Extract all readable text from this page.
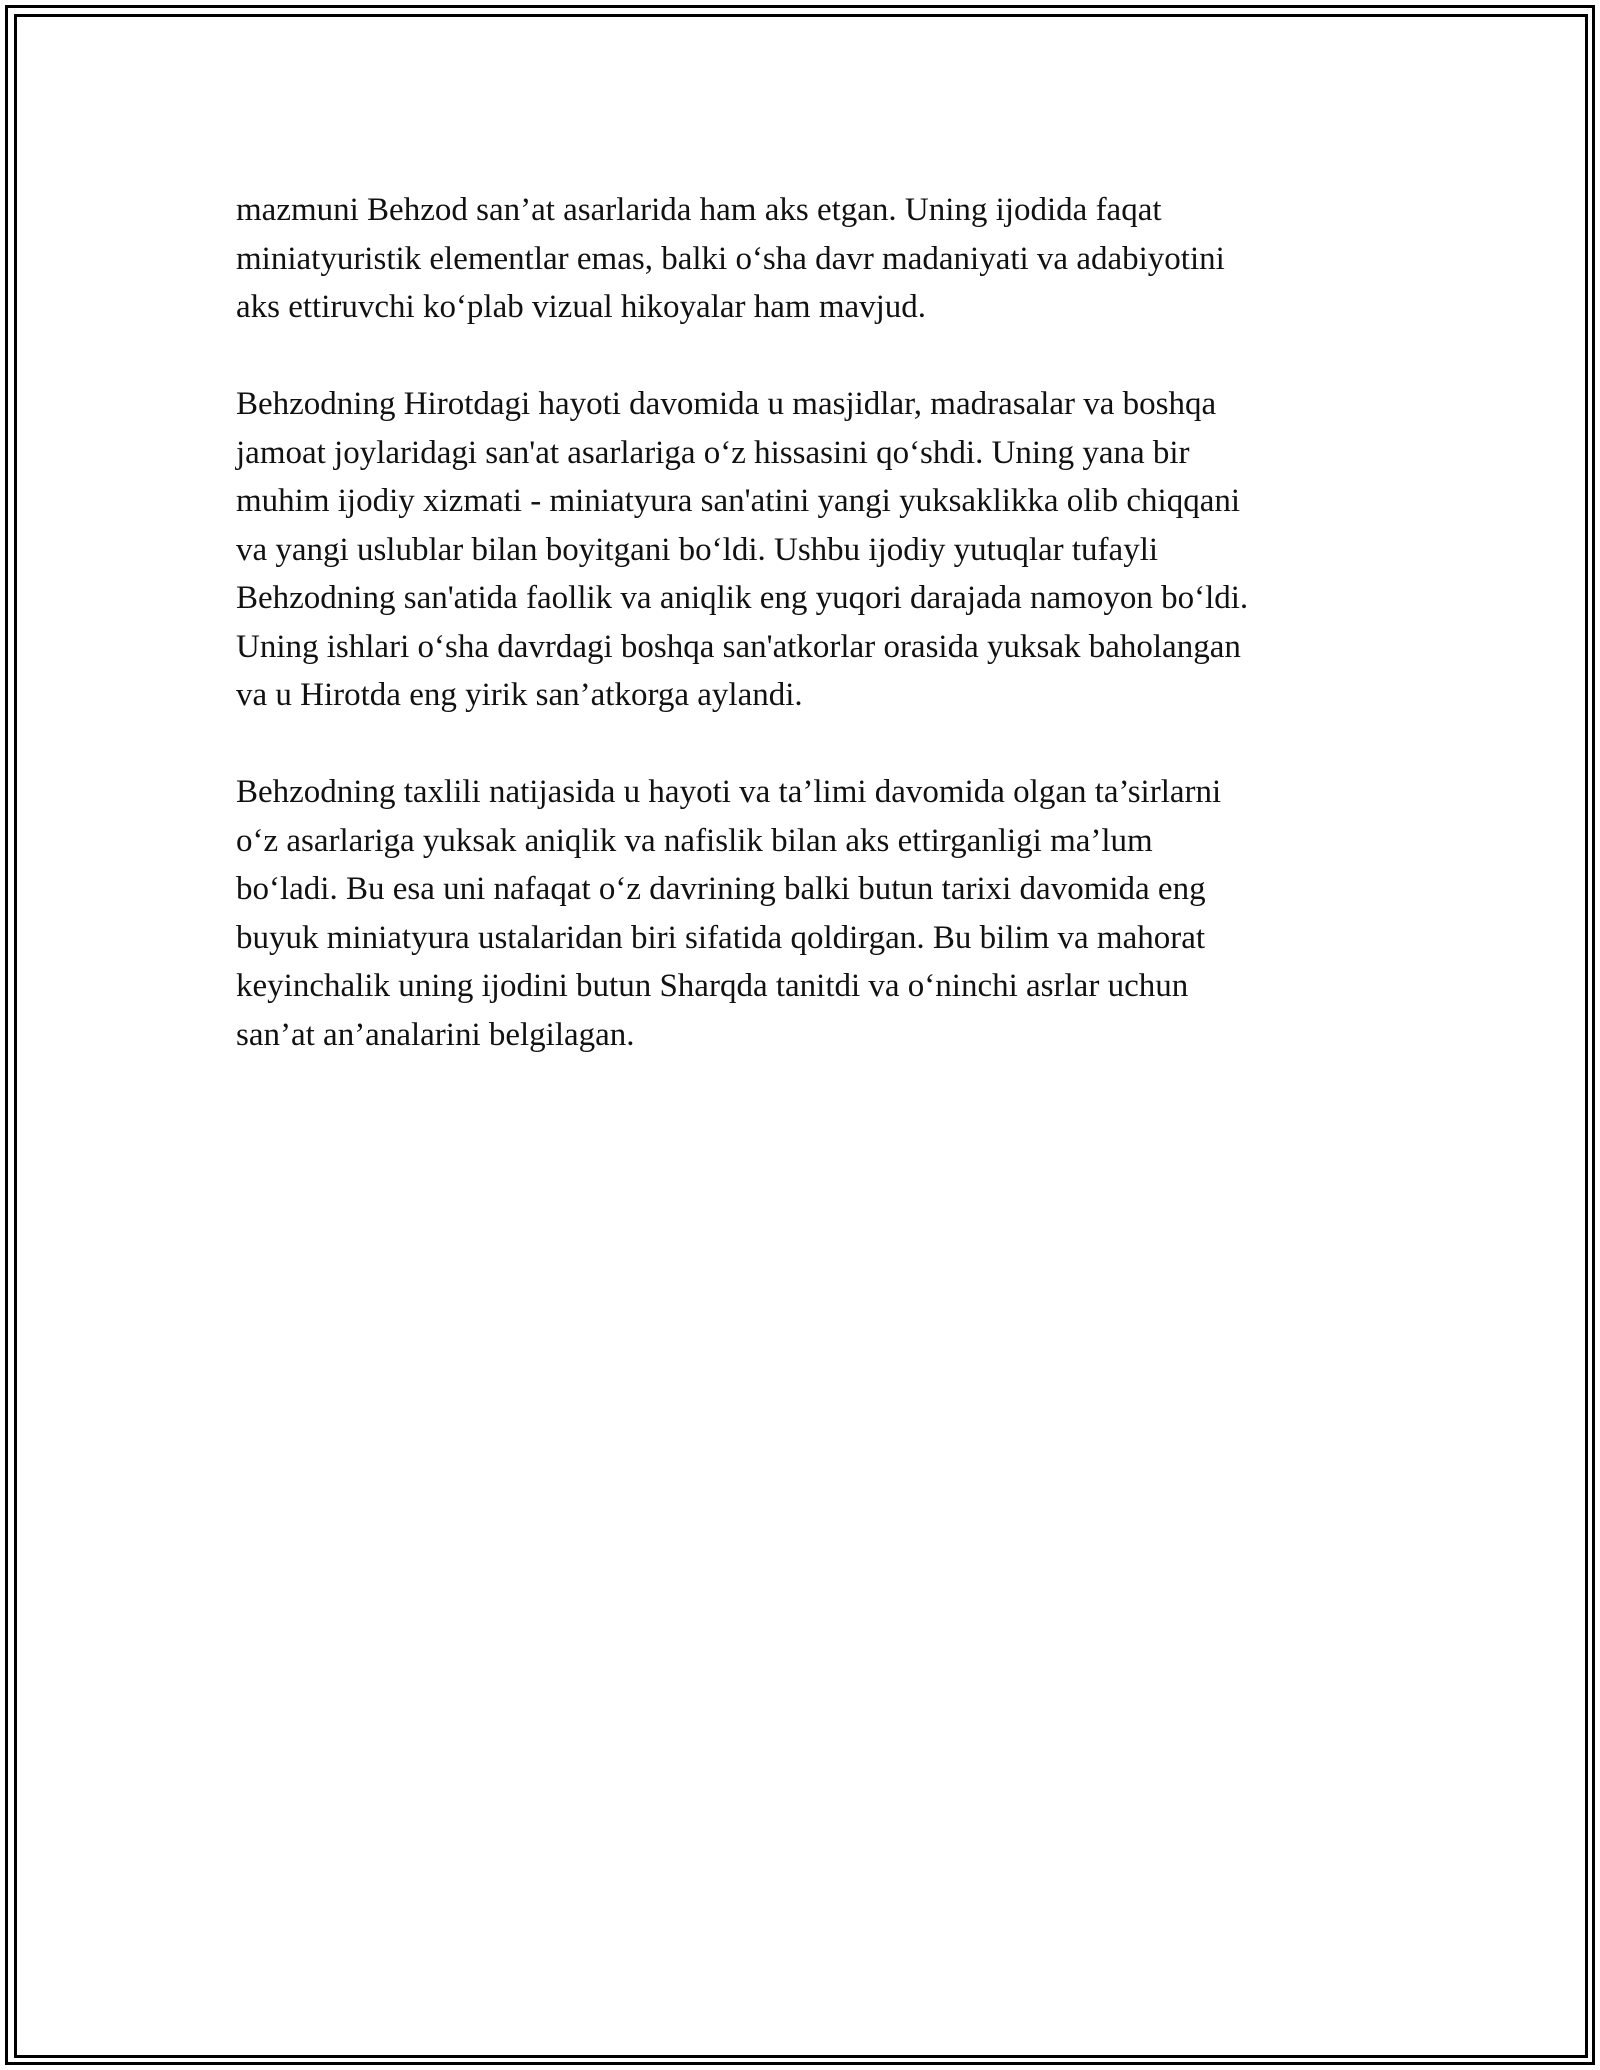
mazmuni Behzod san’at asarlarida ham aks etgan. Uning ijodida faqat
miniatyuristik elementlar emas, balki o‘sha davr madaniyati va adabiyotini
aks ettiruvchi ko‘plab vizual hikoyalar ham mavjud.

Behzodning Hirotdagi hayoti davomida u masjidlar, madrasalar va boshqa
jamoat joylaridagi san'at asarlariga o‘z hissasini qo‘shdi. Uning yana bir
muhim ijodiy xizmati - miniatyura san'atini yangi yuksaklikka olib chiqqani
va yangi uslublar bilan boyitgani bo‘ldi. Ushbu ijodiy yutuqlar tufayli
Behzodning san'atida faollik va aniqlik eng yuqori darajada namoyon bo‘ldi.
Uning ishlari o‘sha davrdagi boshqa san'atkorlar orasida yuksak baholangan
va u Hirotda eng yirik san’atkorga aylandi.

Behzodning taxlili natijasida u hayoti va ta’limi davomida olgan ta’sirlarni
o‘z asarlariga yuksak aniqlik va nafislik bilan aks ettirganligi ma’lum
bo‘ladi. Bu esa uni nafaqat o‘z davrining balki butun tarixi davomida eng
buyuk miniatyura ustalaridan biri sifatida qoldirgan. Bu bilim va mahorat
keyinchalik uning ijodini butun Sharqda tanitdi va o‘ninchi asrlar uchun
san’at an’analarini belgilagan.
